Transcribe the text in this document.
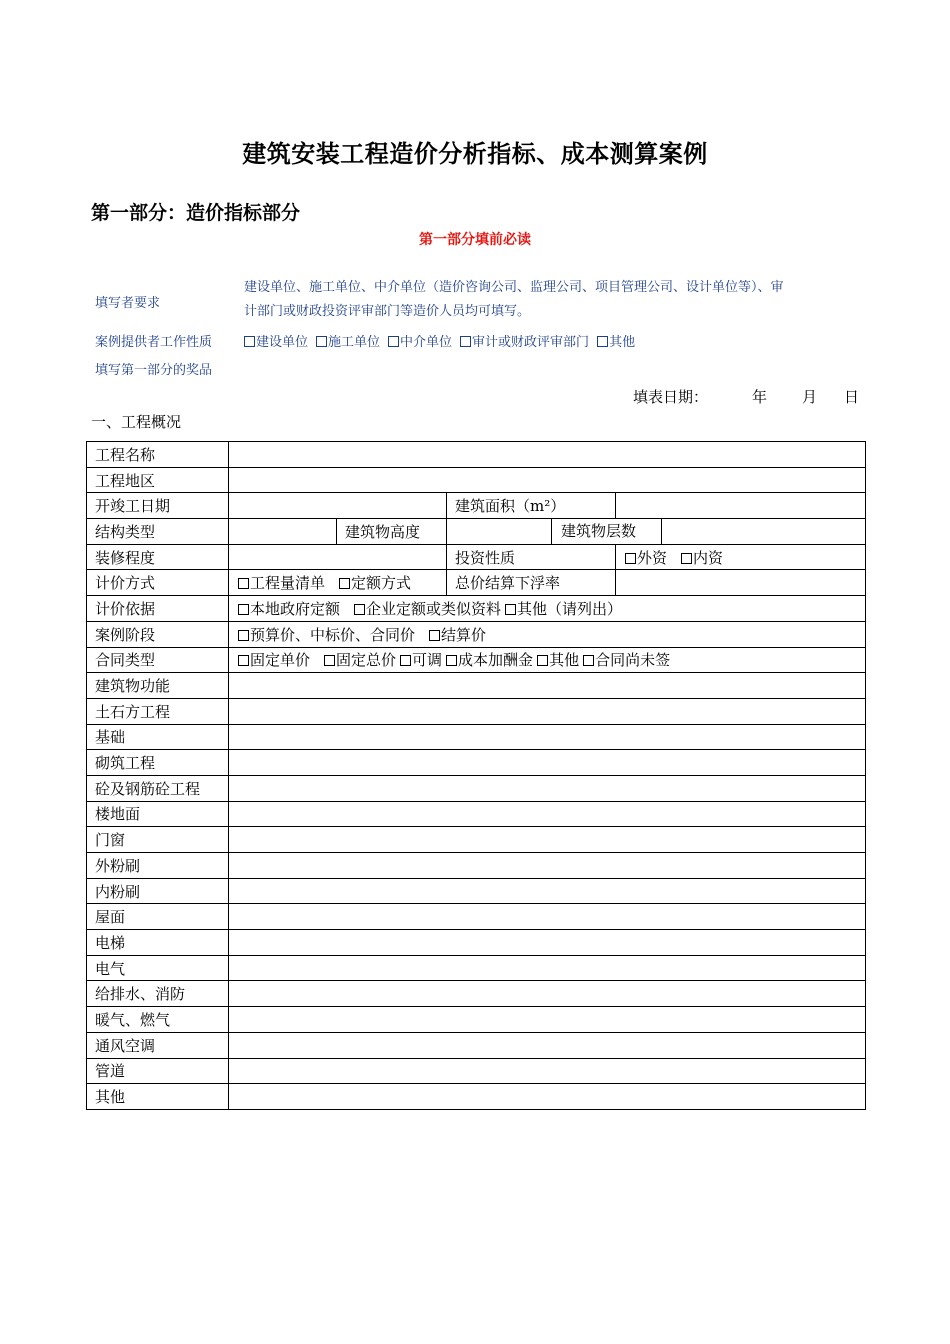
建筑安装工程造价分析指标、成本测算案例
第一部分：造价指标部分
第一部分填前必读
填写者要求
建设单位、施工单位、中介单位（造价咨询公司、监理公司、项目管理公司、设计单位等）、审
计部门或财政投资评审部门等造价人员均可填写。
案例提供者工作性质	建设单位 施工单位 中介单位 审计或财政评审部门 其他
填写第一部分的奖品
填表日期：	年 月 日
一、工程概况
工程名称					
工程地区					
开竣工日期			建筑面积（m²）		
结构类型		建筑物高度		建筑物层数	

装修程度			投资性质		外资 内资
计价方式	工程量清单 定额方式		总价结算下浮率		
计价依据	本地政府定额 企业定额或类似资料 其他（请列出）				
案例阶段	预算价、中标价、合同价 结算价				
合同类型	固定单价 固定总价 可调 成本加酬金 其他 合同尚未签				
建筑物功能					
土石方工程					
基础					
砌筑工程					
砼及钢筋砼工程					
楼地面					
门窗					
外粉刷					
内粉刷					
屋面					
电梯					
电气					
给排水、消防					
暖气、燃气					
通风空调					
管道					
其他					
